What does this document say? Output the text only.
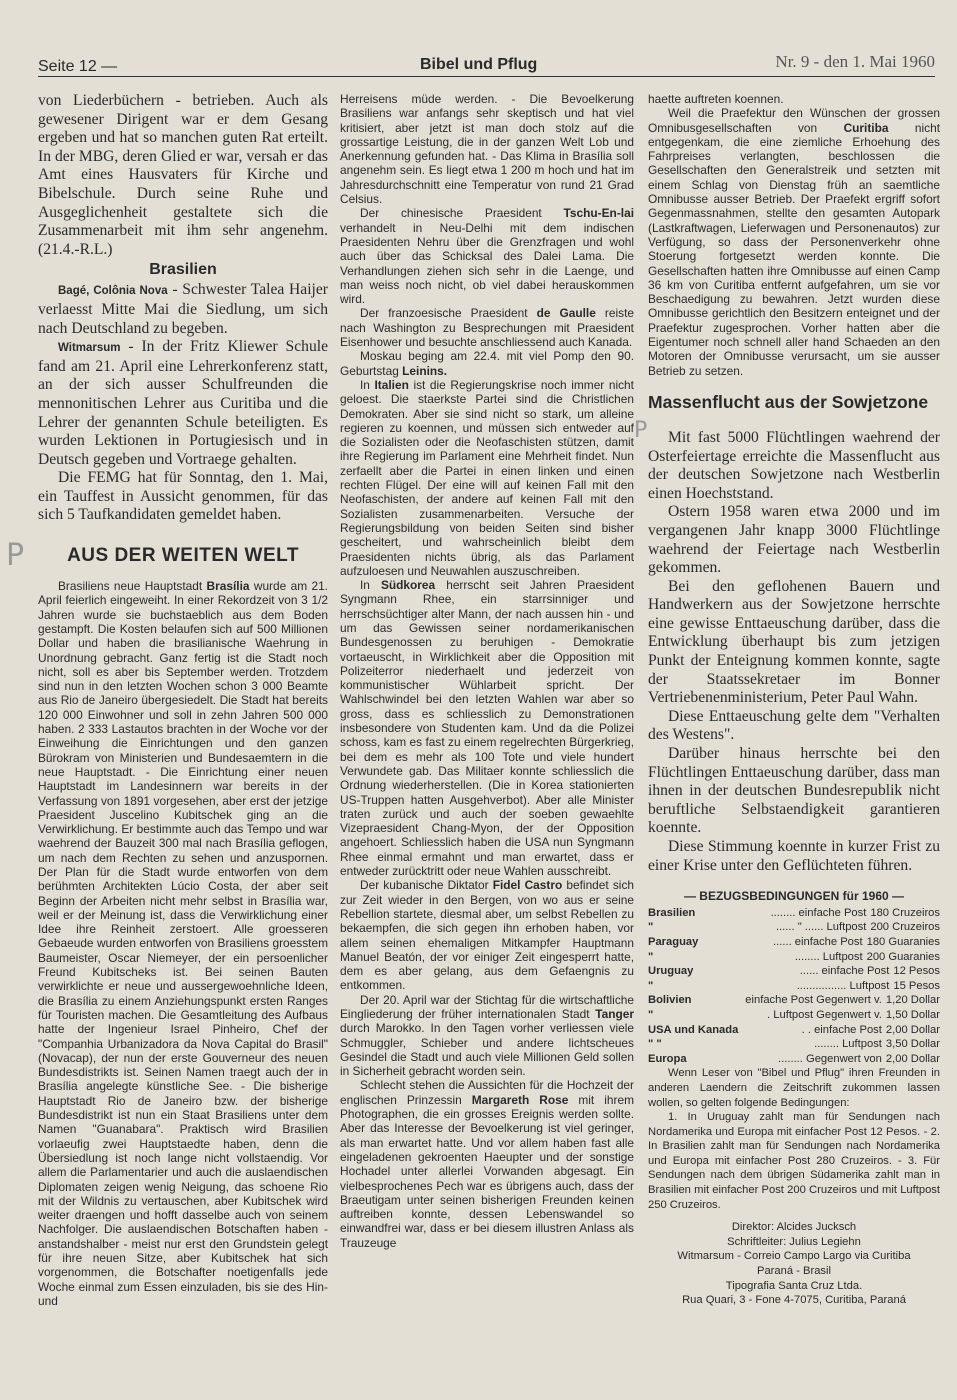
Seite 12 —	Bibel und Pflug	Nr. 9 - den 1. Mai 1960

von Liederbüchern - betrieben. Auch als gewesener Dirigent war er dem Gesang ergeben und hat so manchen guten Rat erteilt. In der MBG, deren Glied er war, versah er das Amt eines Hausvaters für Kirche und Bibelschule. Durch seine Ruhe und Ausgeglichenheit gestaltete sich die Zusammenarbeit mit ihm sehr angenehm. (21.4.-R.L.)

Brasilien

Bagé, Colônia Nova - Schwester Talea Haijer verlaesst Mitte Mai die Siedlung, um sich nach Deutschland zu begeben.

Witmarsum - In der Fritz Kliewer Schule fand am 21. April eine Lehrerkonferenz statt, an der sich ausser Schulfreunden die mennonitischen Lehrer aus Curitiba und die Lehrer der genannten Schule beteiligten. Es wurden Lektionen in Portugiesisch und in Deutsch gegeben und Vortraege gehalten.

Die FEMG hat für Sonntag, den 1. Mai, ein Tauffest in Aussicht genommen, für das sich 5 Taufkandidaten gemeldet haben.

AUS DER WEITEN WELT

Brasiliens neue Hauptstadt Brasília wurde am 21. April feierlich eingeweiht. In einer Rekordzeit von 3 1/2 Jahren wurde sie buchstaeblich aus dem Boden gestampft. Die Kosten belaufen sich auf 500 Millionen Dollar und haben die brasilianische Waehrung in Unordnung gebracht. Ganz fertig ist die Stadt noch nicht, soll es aber bis September werden. Trotzdem sind nun in den letzten Wochen schon 3 000 Beamte aus Rio de Janeiro übergesiedelt. Die Stadt hat bereits 120 000 Einwohner und soll in zehn Jahren 500 000 haben. 2 333 Lastautos brachten in der Woche vor der Einweihung die Einrichtungen und den ganzen Bürokram von Ministerien und Bundesaemtern in die neue Hauptstadt. - Die Einrichtung einer neuen Hauptstadt im Landesinnern war bereits in der Verfassung von 1891 vorgesehen, aber erst der jetzige Praesident Juscelino Kubitschek ging an die Verwirklichung. Er bestimmte auch das Tempo und war waehrend der Bauzeit 300 mal nach Brasília geflogen, um nach dem Rechten zu sehen und anzuspornen. Der Plan für die Stadt wurde entworfen von dem berühmten Architekten Lúcio Costa, der aber seit Beginn der Arbeiten nicht mehr selbst in Brasília war, weil er der Meinung ist, dass die Verwirklichung einer Idee ihre Reinheit zerstoert. Alle groesseren Gebaeude wurden entworfen von Brasiliens groesstem Baumeister, Oscar Niemeyer, der ein persoenlicher Freund Kubitscheks ist. Bei seinen Bauten verwirklichte er neue und aussergewoehnliche Ideen, die Brasília zu einem Anziehungspunkt ersten Ranges für Touristen machen. Die Gesamtleitung des Aufbaus hatte der Ingenieur Israel Pinheiro, Chef der "Companhia Urbanizadora da Nova Capital do Brasil" (Novacap), der nun der erste Gouverneur des neuen Bundesdistrikts ist. Seinen Namen traegt auch der in Brasília angelegte künstliche See. - Die bisherige Hauptstadt Rio de Janeiro bzw. der bisherige Bundesdistrikt ist nun ein Staat Brasiliens unter dem Namen "Guanabara". Praktisch wird Brasilien vorlaeufig zwei Hauptstaedte haben, denn die Übersiedlung ist noch lange nicht vollstaendig. Vor allem die Parlamentarier und auch die auslaendischen Diplomaten zeigen wenig Neigung, das schoene Rio mit der Wildnis zu vertauschen, aber Kubitschek wird weiter draengen und hofft dasselbe auch von seinem Nachfolger. Die auslaendischen Botschaften haben - anstandshalber - meist nur erst den Grundstein gelegt für ihre neuen Sitze, aber Kubitschek hat sich vorgenommen, die Botschafter noetigenfalls jede Woche einmal zum Essen einzuladen, bis sie des Hin- und

Herreisens müde werden. - Die Bevoelkerung Brasiliens war anfangs sehr skeptisch und hat viel kritisiert, aber jetzt ist man doch stolz auf die grossartige Leistung, die in der ganzen Welt Lob und Anerkennung gefunden hat. - Das Klima in Brasília soll angenehm sein. Es liegt etwa 1 200 m hoch und hat im Jahresdurchschnitt eine Temperatur von rund 21 Grad Celsius.

Der chinesische Praesident Tschu-En-lai verhandelt in Neu-Delhi mit dem indischen Praesidenten Nehru über die Grenzfragen und wohl auch über das Schicksal des Dalei Lama. Die Verhandlungen ziehen sich sehr in die Laenge, und man weiss noch nicht, ob viel dabei herauskommen wird.

Der franzoesische Praesident de Gaulle reiste nach Washington zu Besprechungen mit Praesident Eisenhower und besuchte anschliessend auch Kanada.

Moskau beging am 22.4. mit viel Pomp den 90. Geburtstag Leinins.

In Italien ist die Regierungskrise noch immer nicht geloest. Die staerkste Partei sind die Christlichen Demokraten. Aber sie sind nicht so stark, um alleine regieren zu koennen, und müssen sich entweder auf die Sozialisten oder die Neofaschisten stützen, damit ihre Regierung im Parlament eine Mehrheit findet. Nun zerfaellt aber die Partei in einen linken und einen rechten Flügel. Der eine will auf keinen Fall mit den Neofaschisten, der andere auf keinen Fall mit den Sozialisten zusammenarbeiten. Versuche der Regierungsbildung von beiden Seiten sind bisher gescheitert, und wahrscheinlich bleibt dem Praesidenten nichts übrig, als das Parlament aufzuloesen und Neuwahlen auszuschreiben.

In Südkorea herrscht seit Jahren Praesident Syngmann Rhee, ein starrsinniger und herrschsüchtiger alter Mann, der nach aussen hin - und um das Gewissen seiner nordamerikanischen Bundesgenossen zu beruhigen - Demokratie vortaeuscht, in Wirklichkeit aber die Opposition mit Polizeiterror niederhaelt und jederzeit von kommunistischer Wühlarbeit spricht. Der Wahlschwindel bei den letzten Wahlen war aber so gross, dass es schliesslich zu Demonstrationen insbesondere von Studenten kam. Und da die Polizei schoss, kam es fast zu einem regelrechten Bürgerkrieg, bei dem es mehr als 100 Tote und viele hundert Verwundete gab. Das Militaer konnte schliesslich die Ordnung wiederherstellen. (Die in Korea stationierten US-Truppen hatten Ausgehverbot). Aber alle Minister traten zurück und auch der soeben gewaehlte Vizepraesident Chang-Myon, der der Opposition angehoert. Schliesslich haben die USA nun Syngmann Rhee einmal ermahnt und man erwartet, dass er entweder zurücktritt oder neue Wahlen ausschreibt.

Der kubanische Diktator Fidel Castro befindet sich zur Zeit wieder in den Bergen, von wo aus er seine Rebellion startete, diesmal aber, um selbst Rebellen zu bekaempfen, die sich gegen ihn erhoben haben, vor allem seinen ehemaligen Mitkampfer Hauptmann Manuel Beatón, der vor einiger Zeit eingesperrt hatte, dem es aber gelang, aus dem Gefaengnis zu entkommen.

Der 20. April war der Stichtag für die wirtschaftliche Eingliederung der früher internationalen Stadt Tanger durch Marokko. In den Tagen vorher verliessen viele Schmuggler, Schieber und andere lichtscheues Gesindel die Stadt und auch viele Millionen Geld sollen in Sicherheit gebracht worden sein.

Schlecht stehen die Aussichten für die Hochzeit der englischen Prinzessin Margareth Rose mit ihrem Photographen, die ein grosses Ereignis werden sollte. Aber das Interesse der Bevoelkerung ist viel geringer, als man erwartet hatte. Und vor allem haben fast alle eingeladenen gekroenten Haeupter und der sonstige Hochadel unter allerlei Vorwanden abgesagt. Ein vielbesprochenes Pech war es übrigens auch, dass der Braeutigam unter seinen bisherigen Freunden keinen auftreiben konnte, dessen Lebenswandel so einwandfrei war, dass er bei diesem illustren Anlass als Trauzeuge

haette auftreten koennen.

Weil die Praefektur den Wünschen der grossen Omnibusgesellschaften von Curitiba nicht entgegenkam, die eine ziemliche Erhoehung des Fahrpreises verlangten, beschlossen die Gesellschaften den Generalstreik und setzten mit einem Schlag von Dienstag früh an saemtliche Omnibusse ausser Betrieb. Der Praefekt ergriff sofort Gegenmassnahmen, stellte den gesamten Autopark (Lastkraftwagen, Lieferwagen und Personenautos) zur Verfügung, so dass der Personenverkehr ohne Stoerung fortgesetzt werden konnte. Die Gesellschaften hatten ihre Omnibusse auf einen Camp 36 km von Curitiba entfernt aufgefahren, um sie vor Beschaedigung zu bewahren. Jetzt wurden diese Omnibusse gerichtlich den Besitzern enteignet und der Praefektur zugesprochen. Vorher hatten aber die Eigentumer noch schnell aller hand Schaeden an den Motoren der Omnibusse verursacht, um sie ausser Betrieb zu setzen.

Massenflucht aus der Sowjetzone

Mit fast 5000 Flüchtlingen waehrend der Osterfeiertage erreichte die Massenflucht aus der deutschen Sowjetzone nach Westberlin einen Hoechststand.

Ostern 1958 waren etwa 2000 und im vergangenen Jahr knapp 3000 Flüchtlinge waehrend der Feiertage nach Westberlin gekommen.

Bei den geflohenen Bauern und Handwerkern aus der Sowjetzone herrschte eine gewisse Enttaeuschung darüber, dass die Entwicklung überhaupt bis zum jetzigen Punkt der Enteignung kommen konnte, sagte der Staatssekretaer im Bonner Vertriebenenministerium, Peter Paul Wahn.

Diese Enttaeuschung gelte dem "Verhalten des Westens".

Darüber hinaus herrschte bei den Flüchtlingen Enttaeuschung darüber, dass man ihnen in der deutschen Bundesrepublik nicht beruftliche Selbstaendigkeit garantieren koennte.

Diese Stimmung koennte in kurzer Frist zu einer Krise unter den Geflüchteten führen.

— BEZUGSBEDINGUNGEN für 1960 —
Brasilien	........ einfache Post 180 Cruzeiros
"	...... " ...... Luftpost 200 Cruzeiros
Paraguay	...... einfache Post 180 Guaranies
"	........ Luftpost 200 Guaranies
Uruguay	...... einfache Post 12 Pesos
"	................ Luftpost 15 Pesos
Bolivien	einfache Post Gegenwert v. 1,20 Dollar
"	. Luftpost Gegenwert v. 1,50 Dollar
USA und Kanada	. . einfache Post 2,00 Dollar
" "	........ Luftpost 3,50 Dollar
Europa	........ Gegenwert von 2,00 Dollar
Wenn Leser von "Bibel und Pflug" ihren Freunden in anderen Laendern die Zeitschrift zukommen lassen wollen, so gelten folgende Bedingungen:
1. In Uruguay zahlt man für Sendungen nach Nordamerika und Europa mit einfacher Post 12 Pesos. - 2. In Brasilien zahlt man für Sendungen nach Nordamerika und Europa mit einfacher Post 280 Cruzeiros. - 3. Für Sendungen nach dem übrigen Südamerika zahlt man in Brasilien mit einfacher Post 200 Cruzeiros und mit Luftpost 250 Cruzeiros.
Direktor: Alcides Jucksch
Schriftleiter: Julius Legiehn
Witmarsum - Correio Campo Largo via Curitiba
Paraná - Brasil
Tipografia Santa Cruz Ltda.
Rua Quari, 3 - Fone 4-7075, Curitiba, Paraná
P
P
